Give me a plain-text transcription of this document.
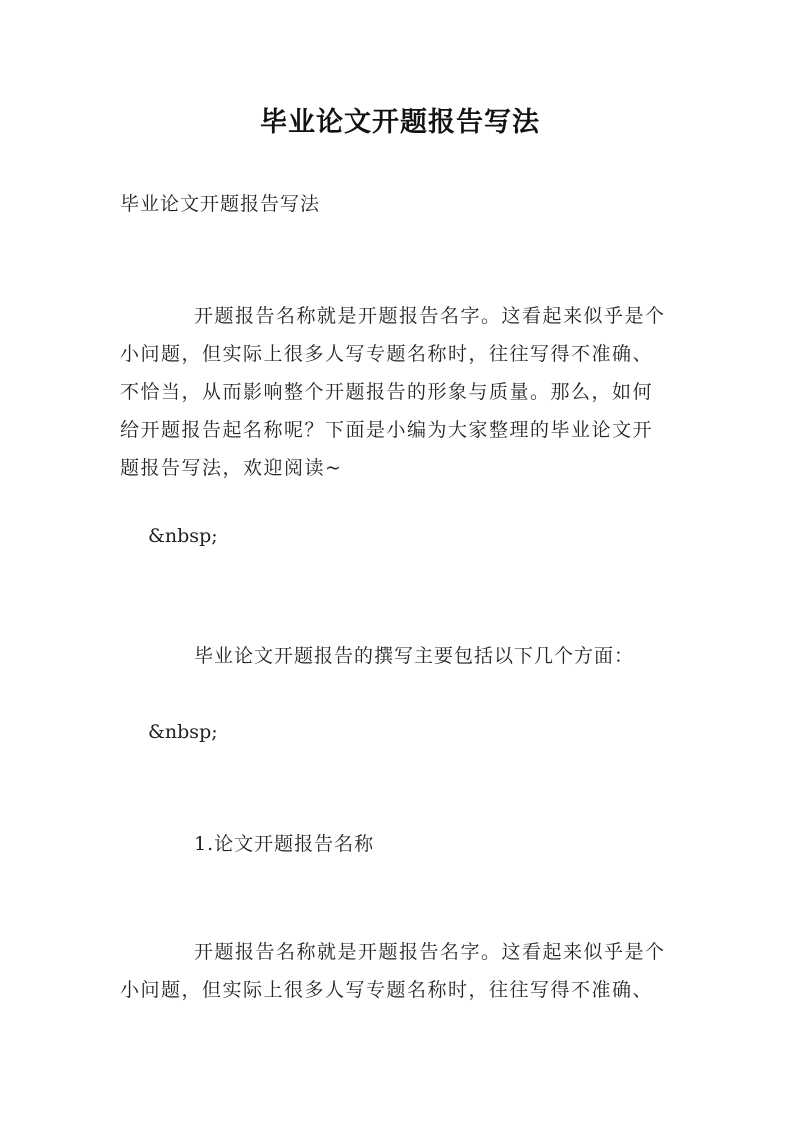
毕业论文开题报告写法
毕业论文开题报告写法
开题报告名称就是开题报告名字。这看起来似乎是个
小问题，但实际上很多人写专题名称时，往往写得不准确、
不恰当，从而影响整个开题报告的形象与质量。那么，如何
给开题报告起名称呢？下面是小编为大家整理的毕业论文开
题报告写法，欢迎阅读~
&nbsp;
毕业论文开题报告的撰写主要包括以下几个方面：
&nbsp;
1.论文开题报告名称
开题报告名称就是开题报告名字。这看起来似乎是个
小问题，但实际上很多人写专题名称时，往往写得不准确、
